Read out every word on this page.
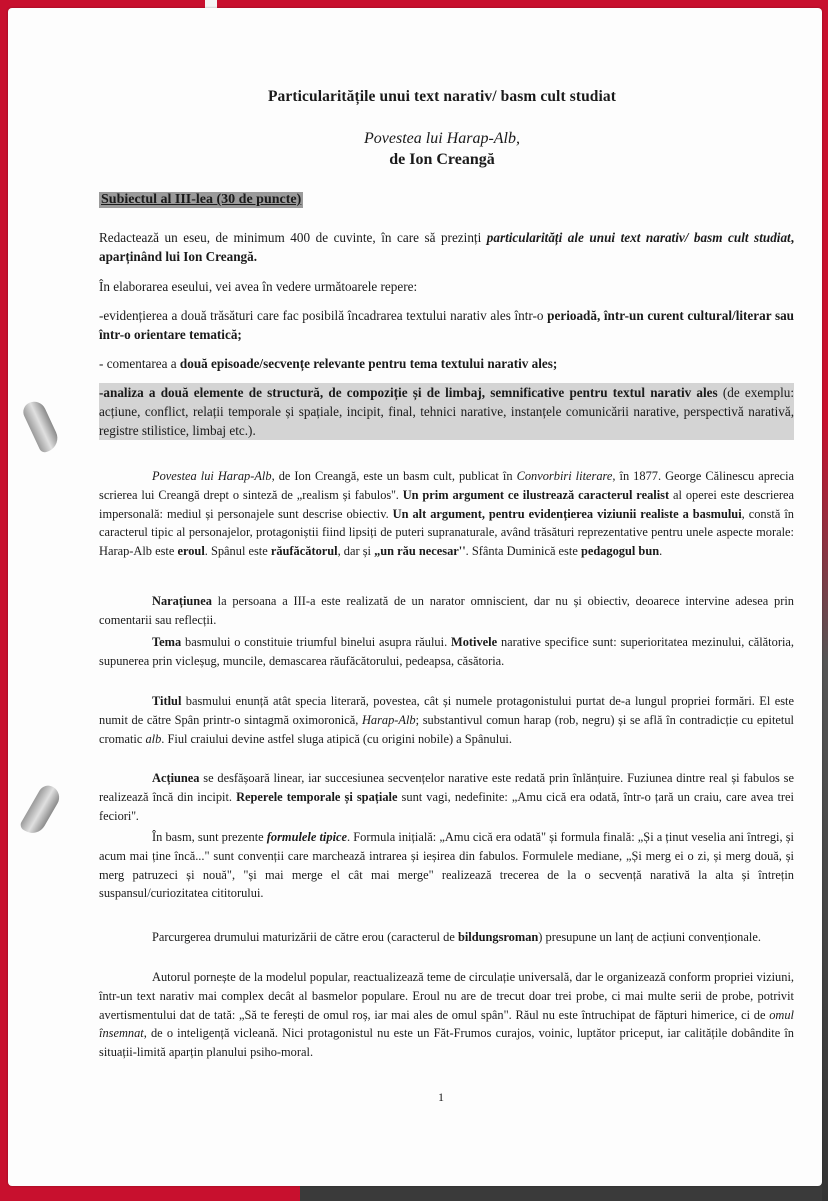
Particularitățile unui text narativ/ basm cult studiat
Povestea lui Harap-Alb,
de Ion Creangă
Subiectul al III-lea (30 de puncte)
Redactează un eseu, de minimum 400 de cuvinte, în care să prezinți particularități ale unui text narativ/ basm cult studiat, aparținând lui Ion Creangă.
În elaborarea eseului, vei avea în vedere următoarele repere:
-evidențierea a două trăsături care fac posibilă încadrarea textului narativ ales într-o perioadă, într-un curent cultural/literar sau într-o orientare tematică;
- comentarea a două episoade/secvențe relevante pentru tema textului narativ ales;
-analiza a două elemente de structură, de compoziție și de limbaj, semnificative pentru textul narativ ales (de exemplu: acțiune, conflict, relații temporale și spațiale, incipit, final, tehnici narative, instanțele comunicării narative, perspectivă narativă, registre stilistice, limbaj etc.).
Povestea lui Harap-Alb, de Ion Creangă, este un basm cult, publicat în Convorbiri literare, în 1877. George Călinescu aprecia scrierea lui Creangă drept o sinteză de „realism și fabulos''. Un prim argument ce ilustrează caracterul realist al operei este descrierea impersonală: mediul și personajele sunt descrise obiectiv. Un alt argument, pentru evidențierea viziunii realiste a basmului, constă în caracterul tipic al personajelor, protagoniștii fiind lipsiți de puteri supranaturale, având trăsături reprezentative pentru unele aspecte morale: Harap-Alb este eroul. Spânul este răufăcătorul, dar și „un rău necesar''. Sfânta Duminică este pedagogul bun.
Narațiunea la persoana a III-a este realizată de un narator omniscient, dar nu și obiectiv, deoarece intervine adesea prin comentarii sau reflecții.
Tema basmului o constituie triumful binelui asupra răului. Motivele narative specifice sunt: superioritatea mezinului, călătoria, supunerea prin vicleșug, muncile, demascarea răufăcătorului, pedeapsa, căsătoria.
Titlul basmului enunță atât specia literară, povestea, cât și numele protagonistului purtat de-a lungul propriei formări. El este numit de către Spân printr-o sintagmă oximoronică, Harap-Alb; substantivul comun harap (rob, negru) și se află în contradicție cu epitetul cromatic alb. Fiul craiului devine astfel sluga atipică (cu origini nobile) a Spânului.
Acțiunea se desfășoară linear, iar succesiunea secvențelor narative este redată prin înlănțuire. Fuziunea dintre real și fabulos se realizează încă din incipit. Reperele temporale și spațiale sunt vagi, nedefinite: „Amu cică era odată, într-o țară un craiu, care avea trei feciori''.
În basm, sunt prezente formulele tipice. Formula inițială: „Amu cică era odată" și formula finală: „Și a ținut veselia ani întregi, și acum mai ține încă..." sunt convenții care marchează intrarea și ieșirea din fabulos. Formulele mediane, „Și merg ei o zi, și merg două, și merg patruzeci și nouă", "și mai merge el cât mai merge" realizează trecerea de la o secvență narativă la alta și întrețin suspansul/curiozitatea cititorului.
Parcurgerea drumului maturizării de către erou (caracterul de bildungsroman) presupune un lanț de acțiuni convenționale.
Autorul pornește de la modelul popular, reactualizează teme de circulație universală, dar le organizează conform propriei viziuni, într-un text narativ mai complex decât al basmelor populare. Eroul nu are de trecut doar trei probe, ci mai multe serii de probe, potrivit avertismentului dat de tată: „Să te ferești de omul roș, iar mai ales de omul spân". Răul nu este întruchipat de făpturi himerice, ci de omul însemnat, de o inteligență vicleană. Nici protagonistul nu este un Făt-Frumos curajos, voinic, luptător priceput, iar calitățile dobândite în situații-limită aparțin planului psiho-moral.
1
